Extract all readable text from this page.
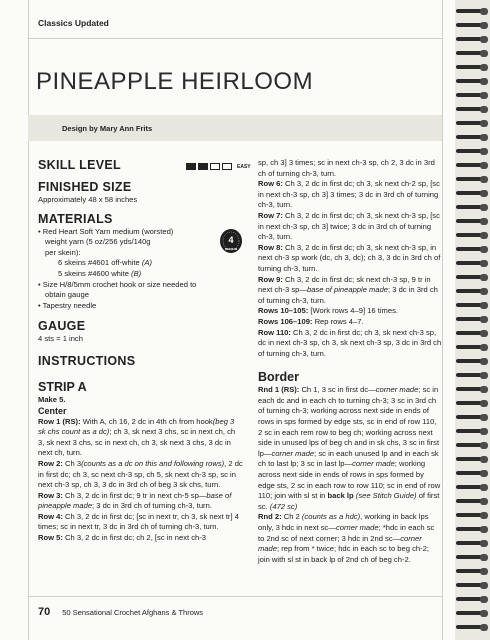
Classics Updated
PINEAPPLE HEIRLOOM
Design by Mary Ann Frits
SKILL LEVEL
FINISHED SIZE

Approximately 48 x 58 inches

MATERIALS

• Red Heart Soft Yarn medium (worsted)

weight yarn (5 oz/256 yds/140g

per skein):

6 skeins #4601 off-white (A)

5 skeins #4600 white (B)

• Size H/8/5mm crochet hook or size needed to

obtain gauge

• Tapestry needle

GAUGE

4 sts = 1 inch

INSTRUCTIONS
STRIP A
Make 5.
Center

Row 1 (RS): With A, ch 16, 2 dc in 4th ch from hook(beg 3 sk chs count as a dc); ch 3, sk next 3 chs, sc in next ch, ch 3, sk next 3 chs, sc in next ch, ch 3, sk next 3 chs, 3 dc in next ch, turn.

Row 2: Ch 3(counts as a dc on this and following rows), 2 dc in first dc; ch 3, sc next ch-3 sp, ch 5, sk next ch-3 sp, sc in next ch-3 sp, ch 3, 3 dc in 3rd ch of beg 3 sk chs, turn.

Row 3: Ch 3, 2 dc in first dc; 9 tr in next ch-5 sp—base of pineapple made; 3 dc in 3rd ch of turning ch-3, turn.

Row 4: Ch 3, 2 dc in first dc; [sc in next tr, ch 3, sk next tr] 4 times; sc in next tr, 3 dc in 3rd ch of turning ch-3, turn.

Row 5: Ch 3, 2 dc in first dc; ch 2, [sc in next ch-3

EASY
4
MEDIUM

sp, ch 3] 3 times; sc in next ch-3 sp, ch 2, 3 dc in 3rd ch of turning ch-3, turn.

Row 6: Ch 3, 2 dc in first dc; ch 3, sk next ch-2 sp, [sc in next ch-3 sp, ch 3] 3 times; 3 dc in 3rd ch of turning ch-3, turn.

Row 7: Ch 3, 2 dc in first dc; ch 3, sk next ch-3 sp, [sc in next ch-3 sp, ch 3] twice; 3 dc in 3rd ch of turning ch-3, turn.

Row 8: Ch 3, 2 dc in first dc; ch 3, sk next ch-3 sp, in next ch-3 sp work (dc, ch 3, dc); ch 3, 3 dc in 3rd ch of turning ch-3, turn.

Row 9: Ch 3, 2 dc in first dc; sk next ch-3 sp, 9 tr in next ch-3 sp—base of pineapple made; 3 dc in 3rd ch of turning ch-3, turn.

Rows 10–105: [Work rows 4–9] 16 times.

Rows 106–109: Rep rows 4–7.

Row 110: Ch 3, 2 dc in first dc; ch 3, sk next ch-3 sp, dc in next ch-3 sp, ch 3, sk next ch-3 sp, 3 dc in 3rd ch of turning ch-3, turn.

Border

Rnd 1 (RS): Ch 1, 3 sc in first dc—corner made; sc in each dc and in each ch to turning ch-3; 3 sc in 3rd ch of turning ch-3; working across next side in ends of rows in sps formed by edge sts, sc in end of row 110, 2 sc in each rem row to beg ch; working across next side in unused lps of beg ch and in sk chs, 3 sc in first lp—corner made; sc in each unused lp and in each sk ch to last lp; 3 sc in last lp—corner made; working across next side in ends of rows in sps formed by edge sts, 2 sc in each row to row 110; sc in end of row 110; join with sl st in back lp (see Stitch Guide) of first sc. (472 sc)

Rnd 2: Ch 2 (counts as a hdc), working in back lps only, 3 hdc in next sc—corner made; *hdc in each sc to 2nd sc of next corner; 3 hdc in 2nd sc—corner made; rep from * twice; hdc in each sc to beg ch-2; join with sl st in back lp of 2nd ch of beg ch-2.

70 50 Sensational Crochet Afghans & Throws
